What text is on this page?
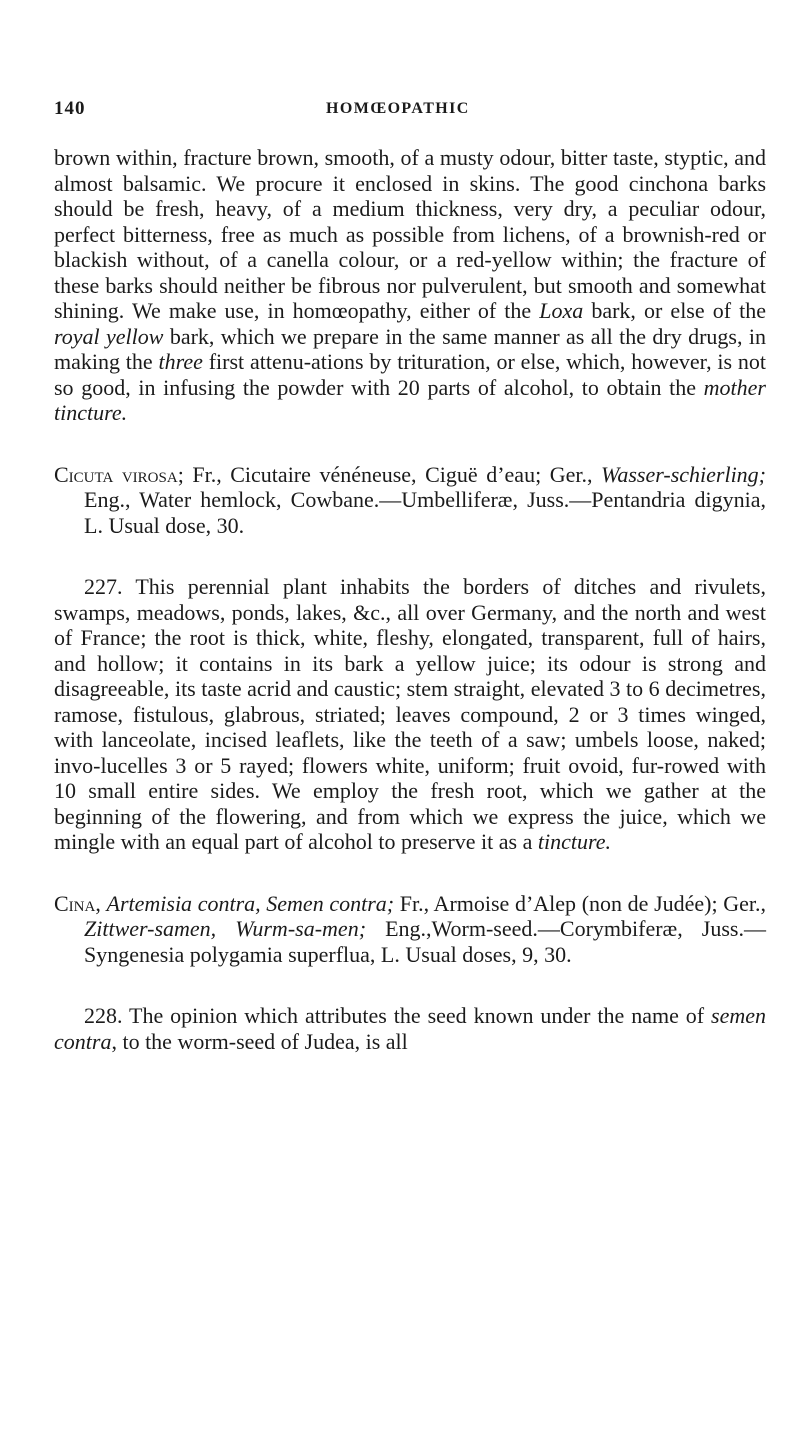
140	HOMŒOPATHIC

brown within, fracture brown, smooth, of a musty odour, bitter taste, styptic, and almost balsamic. We procure it enclosed in skins. The good cinchona barks should be fresh, heavy, of a medium thickness, very dry, a peculiar odour, perfect bitterness, free as much as possible from lichens, of a brownish-red or blackish without, of a canella colour, or a red-yellow within; the fracture of these barks should neither be fibrous nor pulverulent, but smooth and somewhat shining. We make use, in homœopathy, either of the Loxa bark, or else of the royal yellow bark, which we prepare in the same manner as all the dry drugs, in making the three first attenu-ations by trituration, or else, which, however, is not so good, in infusing the powder with 20 parts of alcohol, to obtain the mother tincture.

Cicuta virosa; Fr., Cicutaire vénéneuse, Ciguë d’eau; Ger., Wasser-schierling; Eng., Water hemlock, Cowbane.—Umbelliferæ, Juss.—Pentandria digynia, L. Usual dose, 30.

227. This perennial plant inhabits the borders of ditches and rivulets, swamps, meadows, ponds, lakes, &c., all over Germany, and the north and west of France; the root is thick, white, fleshy, elongated, transparent, full of hairs, and hollow; it contains in its bark a yellow juice; its odour is strong and disagreeable, its taste acrid and caustic; stem straight, elevated 3 to 6 decimetres, ramose, fistulous, glabrous, striated; leaves compound, 2 or 3 times winged, with lanceolate, incised leaflets, like the teeth of a saw; umbels loose, naked; invo-lucelles 3 or 5 rayed; flowers white, uniform; fruit ovoid, fur-rowed with 10 small entire sides. We employ the fresh root, which we gather at the beginning of the flowering, and from which we express the juice, which we mingle with an equal part of alcohol to preserve it as a tincture.

Cina, Artemisia contra, Semen contra; Fr., Armoise d’Alep (non de Judée); Ger., Zittwer-samen, Wurm-sa-men; Eng.,Worm-seed.—Corymbiferæ, Juss.—Syngenesia polygamia superflua, L. Usual doses, 9, 30.

228. The opinion which attributes the seed known under the name of semen contra, to the worm-seed of Judea, is all
